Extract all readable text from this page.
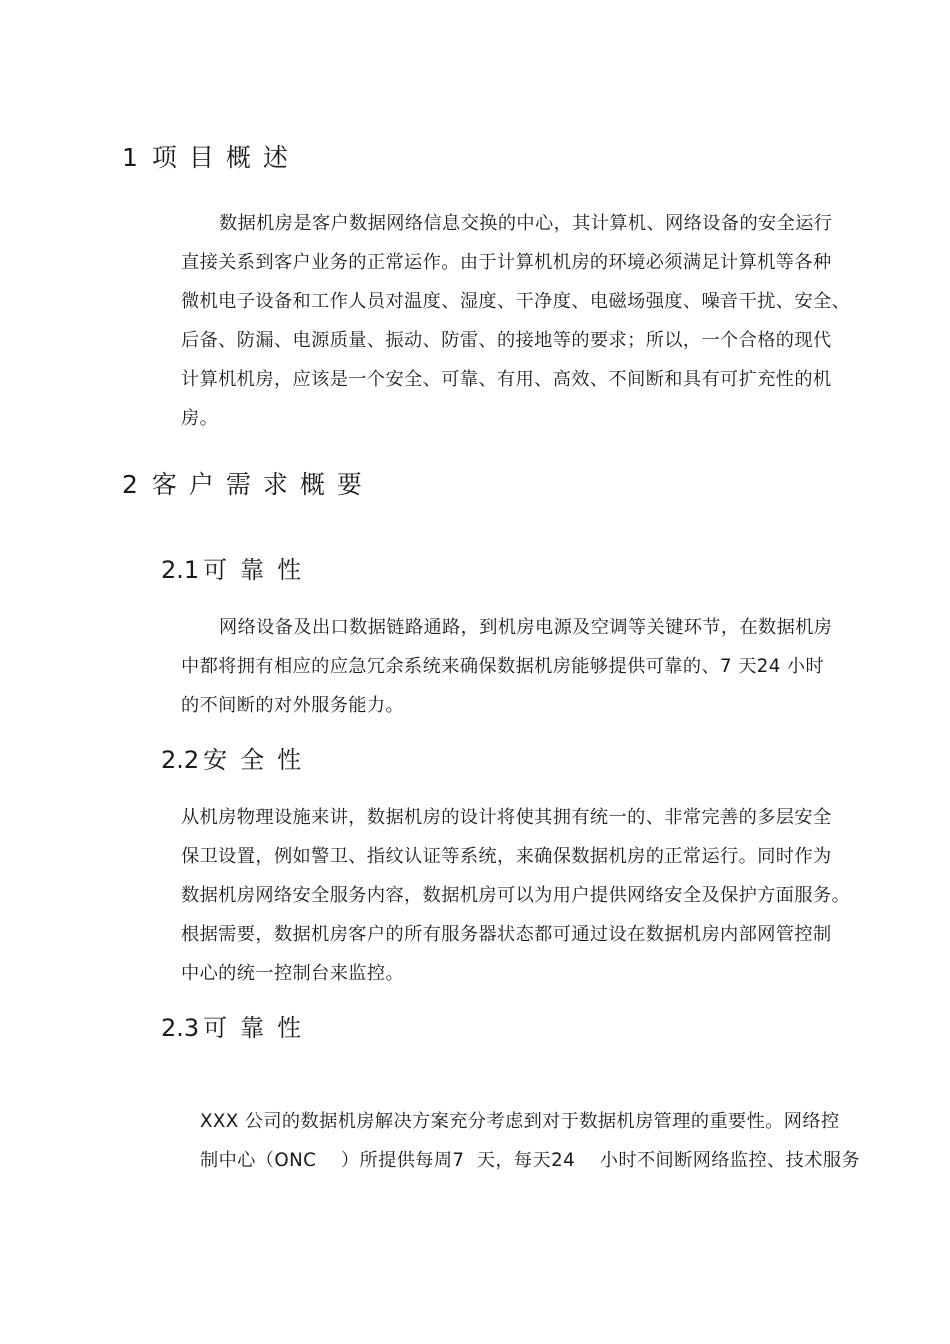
1 项目概述
数据机房是客户数据网络信息交换的中心，其计算机、网络设备的安全运行
直接关系到客户业务的正常运作。由于计算机机房的环境必须满足计算机等各种
微机电子设备和工作人员对温度、湿度、干净度、电磁场强度、噪音干扰、安全、
后备、防漏、电源质量、振动、防雷、的接地等的要求；所以，一个合格的现代
计算机机房，应该是一个安全、可靠、有用、高效、不间断和具有可扩充性的机
房。
2 客户需求概要
2.1 可靠性
网络设备及出口数据链路通路，到机房电源及空调等关键环节，在数据机房
中都将拥有相应的应急冗余系统来确保数据机房能够提供可靠的、7 天24 小时
的不间断的对外服务能力。
2.2 安全性
从机房物理设施来讲，数据机房的设计将使其拥有统一的、非常完善的多层安全
保卫设置，例如警卫、指纹认证等系统，来确保数据机房的正常运行。同时作为
数据机房网络安全服务内容，数据机房可以为用户提供网络安全及保护方面服务。
根据需要，数据机房客户的所有服务器状态都可通过设在数据机房内部网管控制
中心的统一控制台来监控。
2.3 可靠性
XXX 公司的数据机房解决方案充分考虑到对于数据机房管理的重要性。网络控
制中心（ONC    ）所提供每周7  天，每天24    小时不间断网络监控、技术服务
